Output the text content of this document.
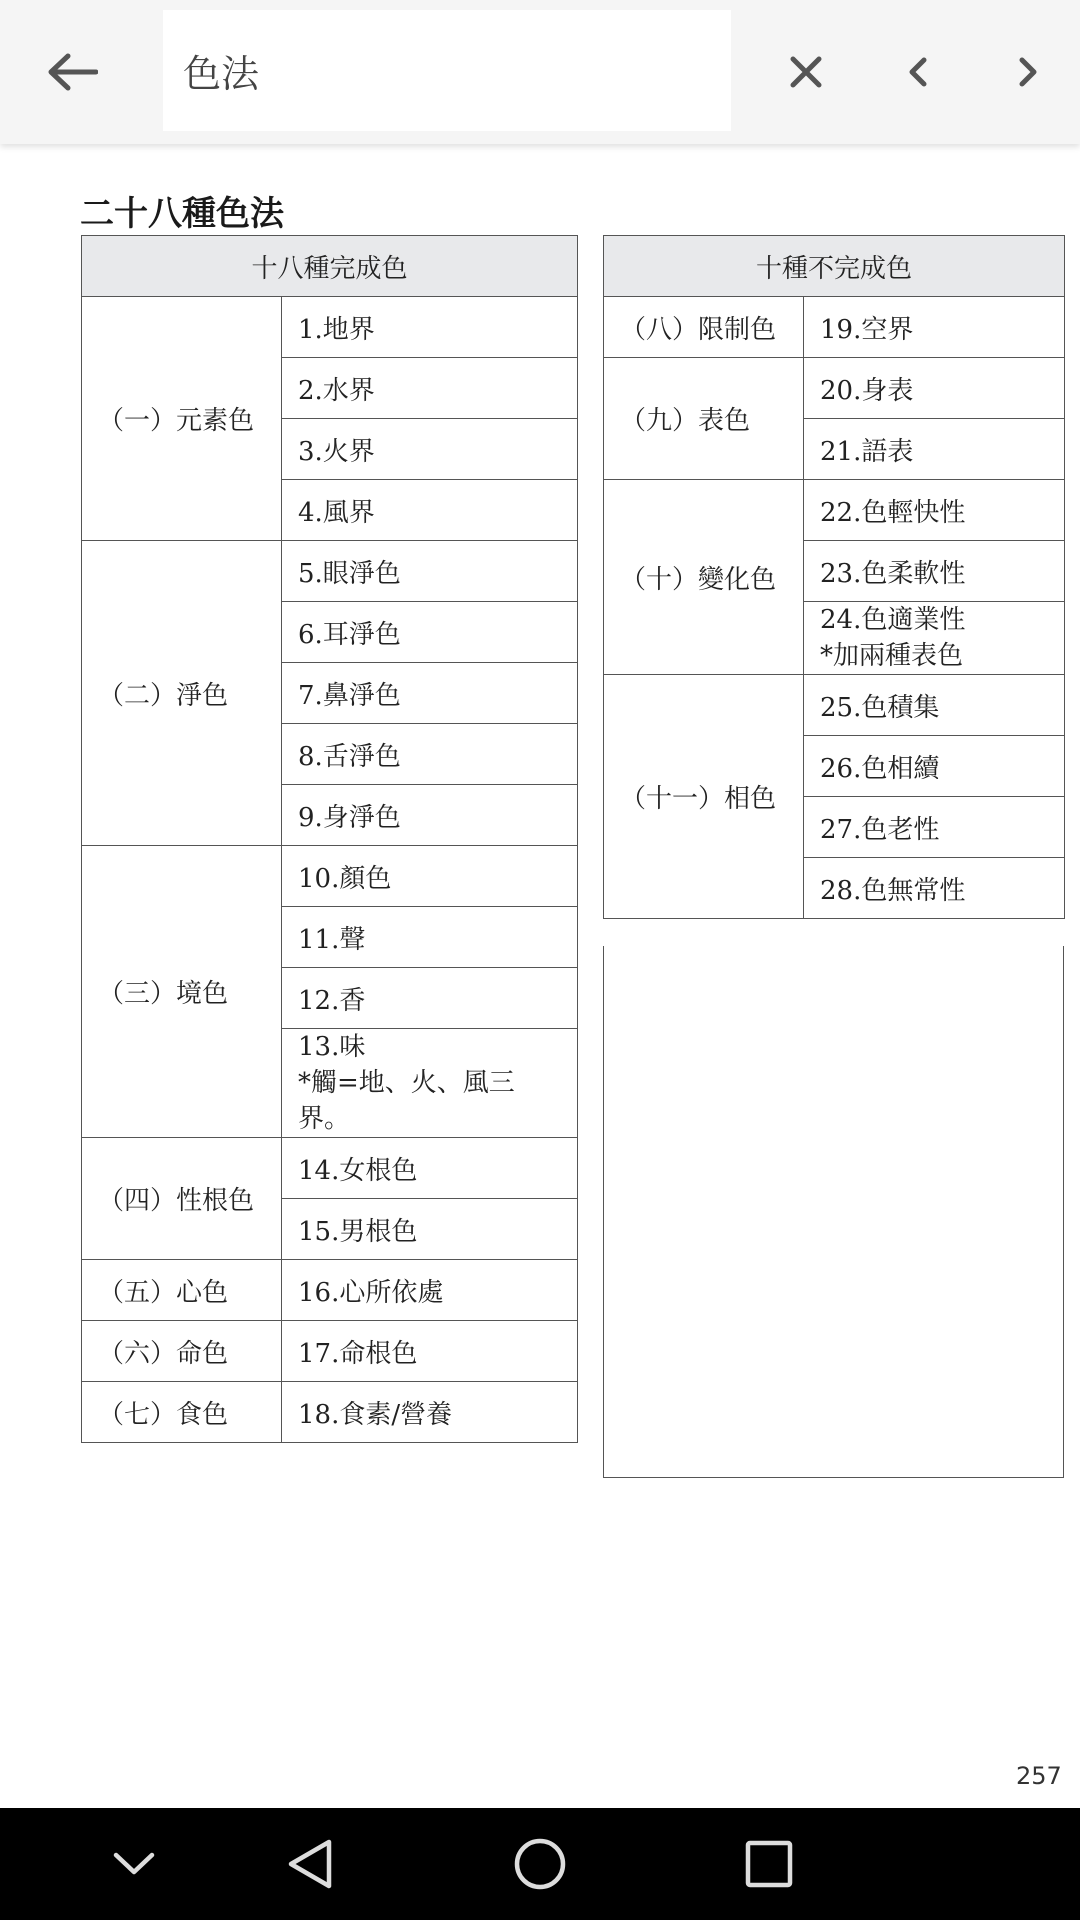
色法
二十八種色法
十八種完成色	
（一）元素色	1.地界
	2.水界
	3.火界
	4.風界
（二）淨色	5.眼淨色
	6.耳淨色
	7.鼻淨色
	8.舌淨色
	9.身淨色
（三）境色	10.顏色
	11.聲
	12.香

	13.味
*觸=地、火、風三界。

（四）性根色	14.女根色
	15.男根色
（五）心色	16.心所依處
（六）命色	17.命根色
（七）食色	18.食素/營養
十種不完成色	
（八）限制色	19.空界
（九）表色	20.身表
	21.語表
（十）變化色	22.色輕快性
	23.色柔軟性

	24.色適業性
*加兩種表色

（十一）相色	25.色積集
	26.色相續
	27.色老性
	28.色無常性
257
